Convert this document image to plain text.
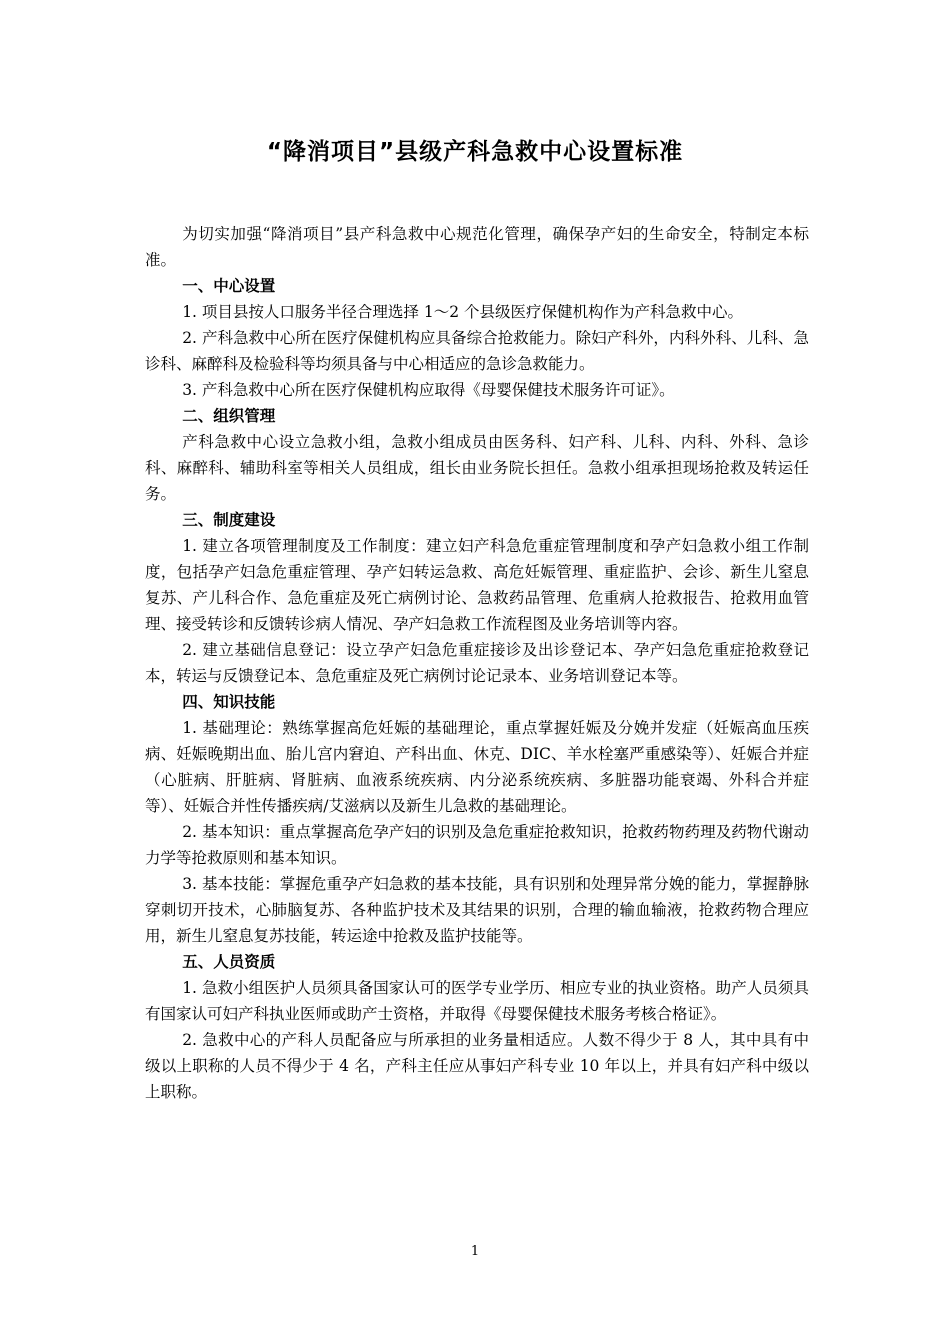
“降消项目”县级产科急救中心设置标准

为切实加强“降消项目”县产科急救中心规范化管理，确保孕产妇的生命安全，特制定本标准。

一、中心设置

1. 项目县按人口服务半径合理选择 1～2 个县级医疗保健机构作为产科急救中心。

2. 产科急救中心所在医疗保健机构应具备综合抢救能力。除妇产科外，内科外科、儿科、急诊科、麻醉科及检验科等均须具备与中心相适应的急诊急救能力。

3. 产科急救中心所在医疗保健机构应取得《母婴保健技术服务许可证》。

二、组织管理

产科急救中心设立急救小组，急救小组成员由医务科、妇产科、儿科、内科、外科、急诊科、麻醉科、辅助科室等相关人员组成，组长由业务院长担任。急救小组承担现场抢救及转运任务。

三、制度建设

1. 建立各项管理制度及工作制度：建立妇产科急危重症管理制度和孕产妇急救小组工作制度，包括孕产妇急危重症管理、孕产妇转运急救、高危妊娠管理、重症监护、会诊、新生儿窒息复苏、产儿科合作、急危重症及死亡病例讨论、急救药品管理、危重病人抢救报告、抢救用血管理、接受转诊和反馈转诊病人情况、孕产妇急救工作流程图及业务培训等内容。

2. 建立基础信息登记：设立孕产妇急危重症接诊及出诊登记本、孕产妇急危重症抢救登记本，转运与反馈登记本、急危重症及死亡病例讨论记录本、业务培训登记本等。

四、知识技能

1. 基础理论：熟练掌握高危妊娠的基础理论，重点掌握妊娠及分娩并发症（妊娠高血压疾病、妊娠晚期出血、胎儿宫内窘迫、产科出血、休克、DIC、羊水栓塞严重感染等）、妊娠合并症（心脏病、肝脏病、肾脏病、血液系统疾病、内分泌系统疾病、多脏器功能衰竭、外科合并症等）、妊娠合并性传播疾病/艾滋病以及新生儿急救的基础理论。

2. 基本知识：重点掌握高危孕产妇的识别及急危重症抢救知识，抢救药物药理及药物代谢动力学等抢救原则和基本知识。

3. 基本技能：掌握危重孕产妇急救的基本技能，具有识别和处理异常分娩的能力，掌握静脉穿刺切开技术，心肺脑复苏、各种监护技术及其结果的识别，合理的输血输液，抢救药物合理应用，新生儿窒息复苏技能，转运途中抢救及监护技能等。

五、人员资质

1. 急救小组医护人员须具备国家认可的医学专业学历、相应专业的执业资格。助产人员须具有国家认可妇产科执业医师或助产士资格，并取得《母婴保健技术服务考核合格证》。

2. 急救中心的产科人员配备应与所承担的业务量相适应。人数不得少于 8 人，其中具有中级以上职称的人员不得少于 4 名，产科主任应从事妇产科专业 10 年以上，并具有妇产科中级以上职称。

1
